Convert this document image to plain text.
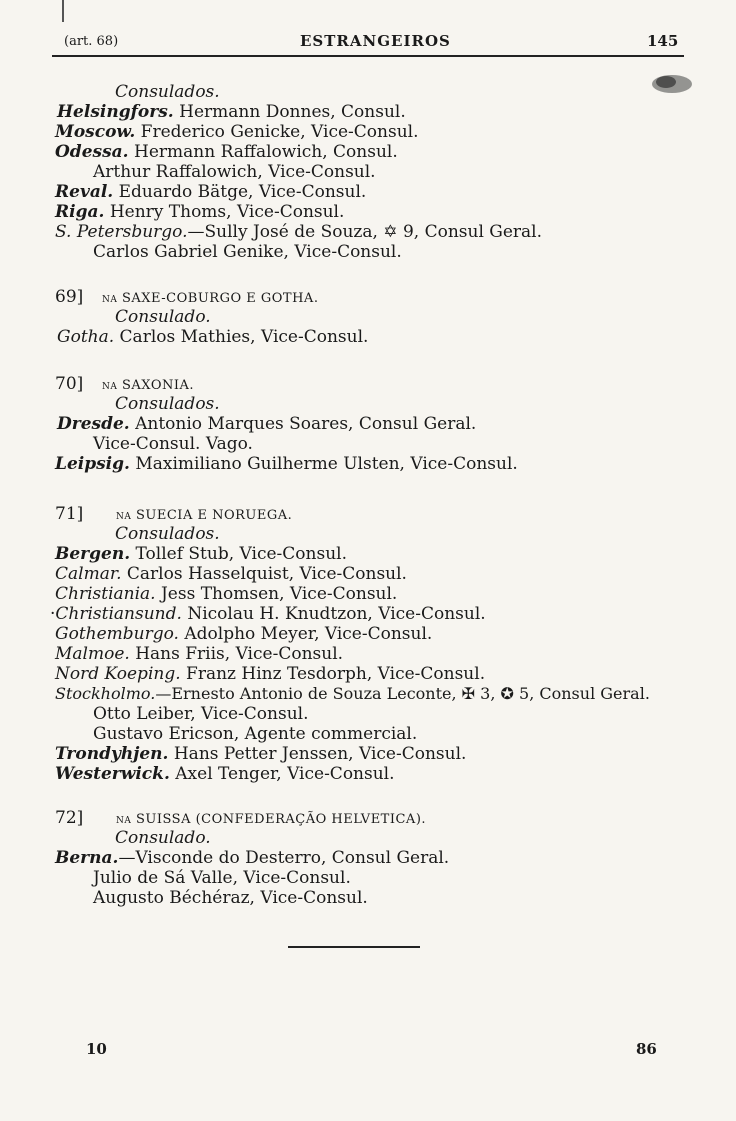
(art. 68)	ESTRANGEIROS	145
Consulados.
Helsingfors. Hermann Donnes, Consul.
Moscow. Frederico Genicke, Vice-Consul.
Odessa. Hermann Raffalowich, Consul.
Arthur Raffalowich, Vice-Consul.
Reval. Eduardo Bätge, Vice-Consul.
Riga. Henry Thoms, Vice-Consul.
S. Petersburgo.—Sully José de Souza, ✡ 9, Consul Geral.
Carlos Gabriel Genike, Vice-Consul.
69] na SAXE-COBURGO E GOTHA.
Consulado.
Gotha. Carlos Mathies, Vice-Consul.
70] na SAXONIA.
Consulados.
Dresde. Antonio Marques Soares, Consul Geral.
Vice-Consul. Vago.
Leipsig. Maximiliano Guilherme Ulsten, Vice-Consul.
71]	na SUECIA E NORUEGA.
Consulados.
Bergen. Tollef Stub, Vice-Consul.
Calmar. Carlos Hasselquist, Vice-Consul.
Christiania. Jess Thomsen, Vice-Consul.
·Christiansund. Nicolau H. Knudtzon, Vice-Consul.
Gothemburgo. Adolpho Meyer, Vice-Consul.
Malmoe. Hans Friis, Vice-Consul.
Nord Koeping. Franz Hinz Tesdorph, Vice-Consul.
Stockholmo.—Ernesto Antonio de Souza Leconte, ✠ 3, ✪ 5, Consul Geral.
Otto Leiber, Vice-Consul.
Gustavo Ericson, Agente commercial.
Trondyhjen. Hans Petter Jenssen, Vice-Consul.
Westerwick. Axel Tenger, Vice-Consul.
72]	na SUISSA (CONFEDERAÇÃO HELVETICA).
Consulado.
Berna.—Visconde do Desterro, Consul Geral.
Julio de Sá Valle, Vice-Consul.
Augusto Béchéraz, Vice-Consul.
10	86
